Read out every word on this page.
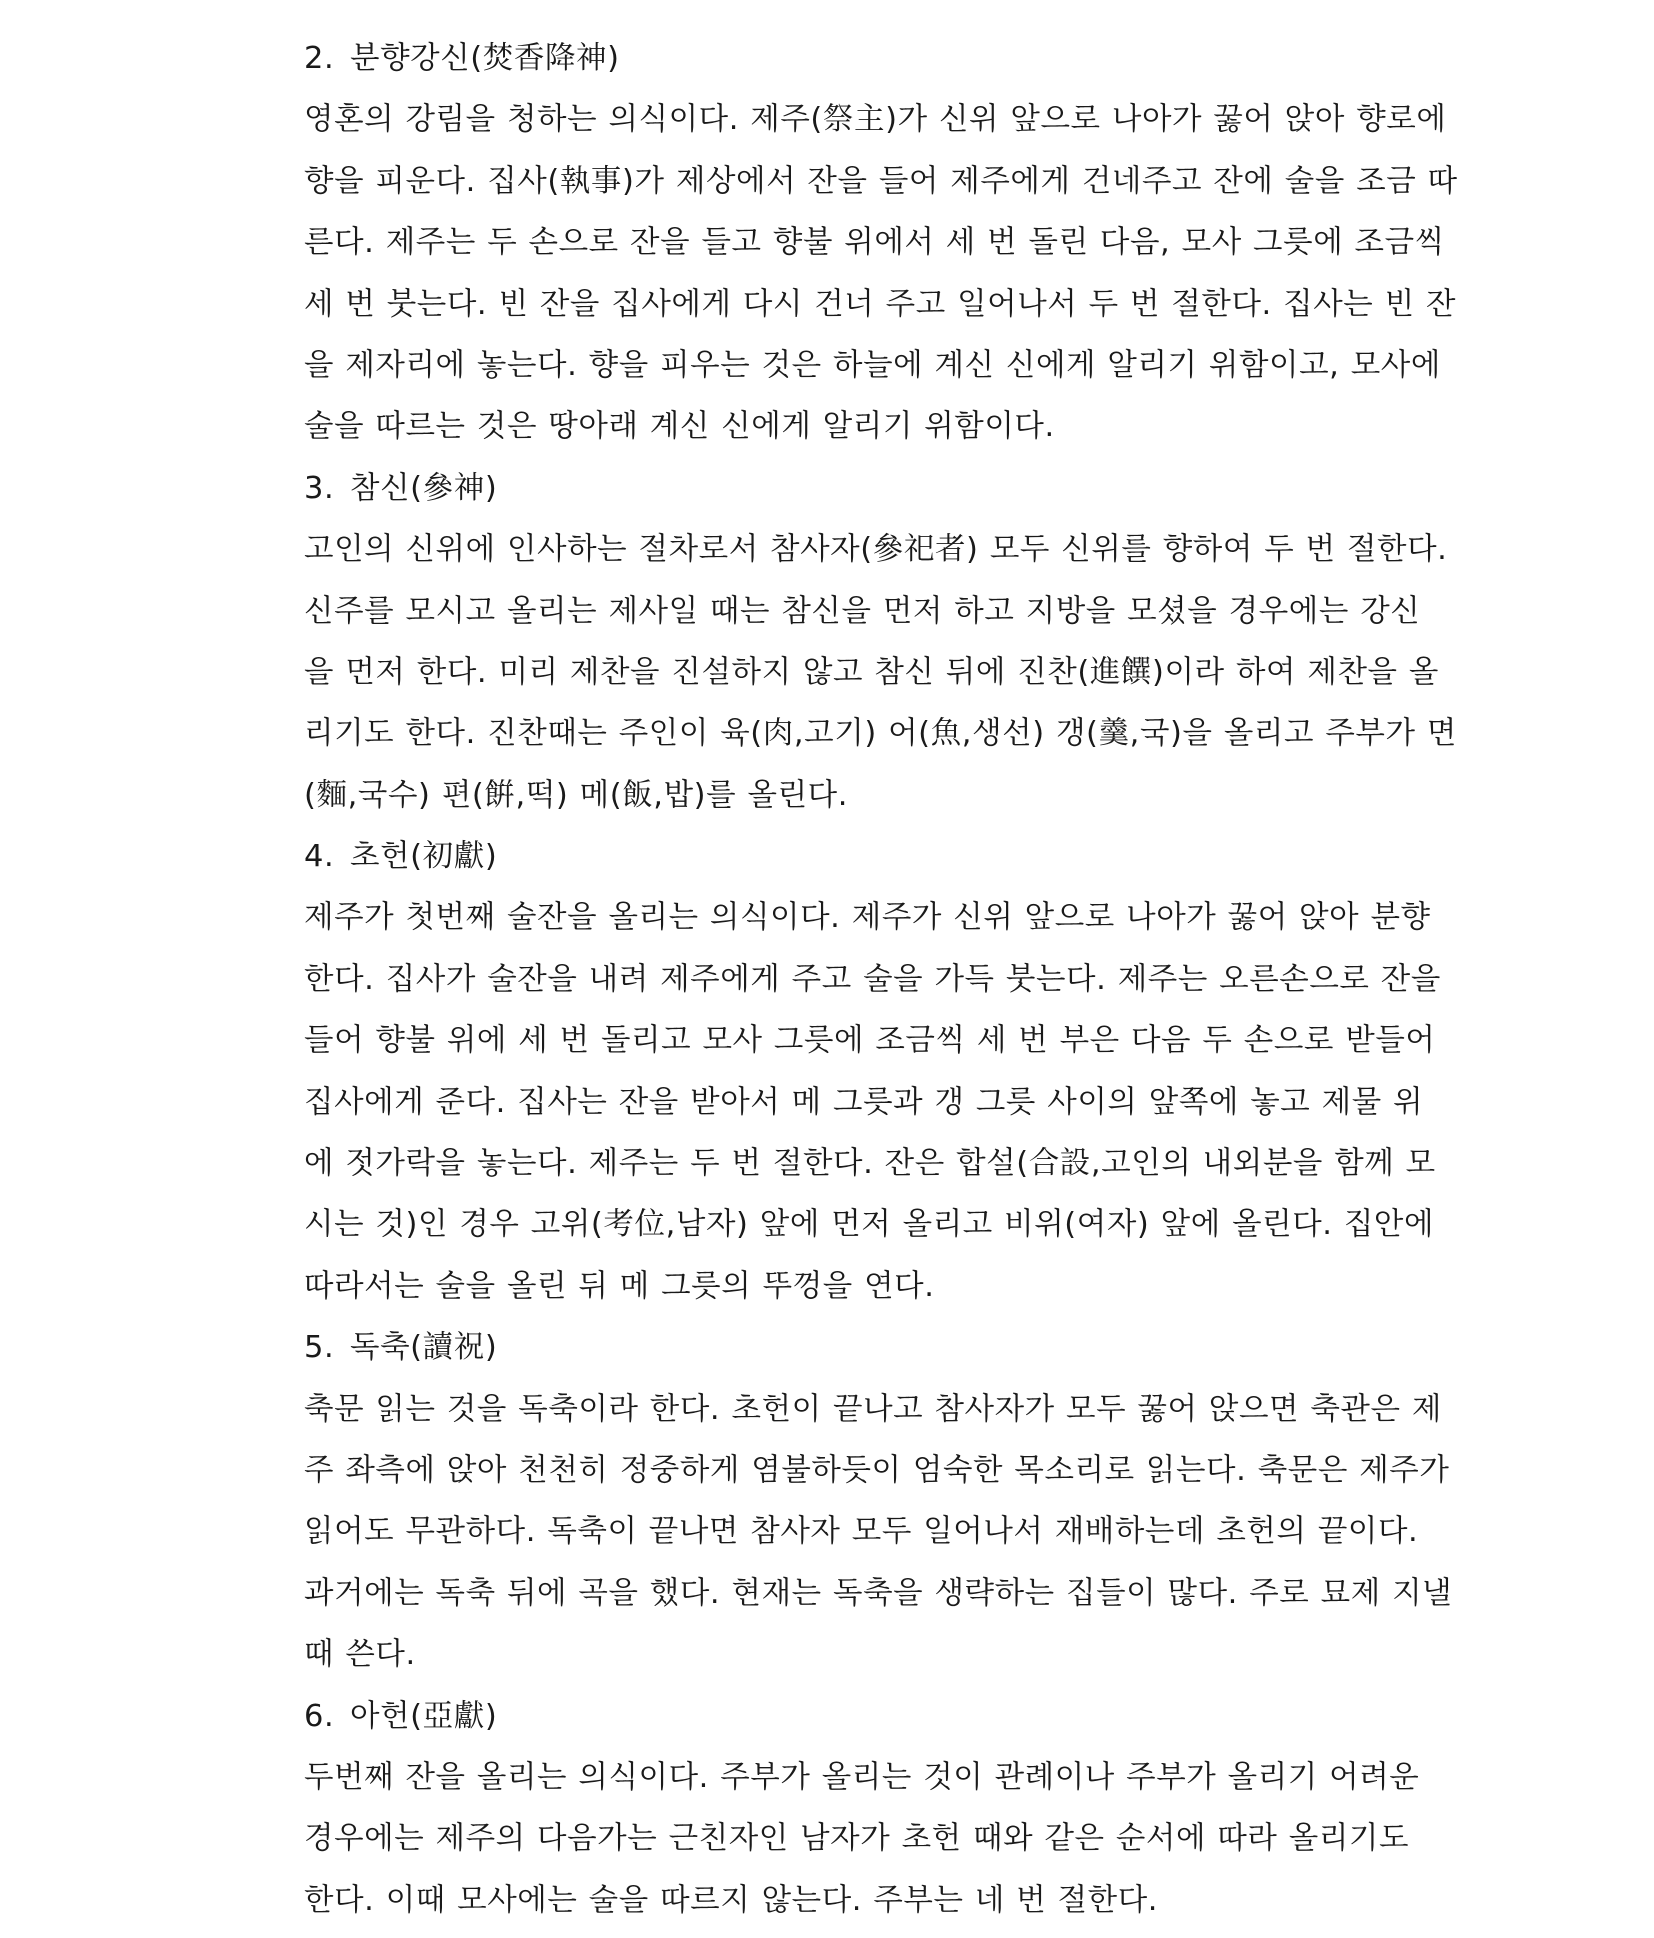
2. 분향강신(焚香降神)
영혼의 강림을 청하는 의식이다. 제주(祭主)가 신위 앞으로 나아가 꿇어 앉아 향로에
향을 피운다. 집사(執事)가 제상에서 잔을 들어 제주에게 건네주고 잔에 술을 조금 따
른다. 제주는 두 손으로 잔을 들고 향불 위에서 세 번 돌린 다음, 모사 그릇에 조금씩
세 번 붓는다. 빈 잔을 집사에게 다시 건너 주고 일어나서 두 번 절한다. 집사는 빈 잔
을 제자리에 놓는다. 향을 피우는 것은 하늘에 계신 신에게 알리기 위함이고, 모사에
술을 따르는 것은 땅아래 계신 신에게 알리기 위함이다.
3. 참신(參神)
고인의 신위에 인사하는 절차로서 참사자(參祀者) 모두 신위를 향하여 두 번 절한다.
신주를 모시고 올리는 제사일 때는 참신을 먼저 하고 지방을 모셨을 경우에는 강신
을 먼저 한다. 미리 제찬을 진설하지 않고 참신 뒤에 진찬(進饌)이라 하여 제찬을 올
리기도 한다. 진찬때는 주인이 육(肉,고기) 어(魚,생선) 갱(羹,국)을 올리고 주부가 면
(麵,국수) 편(餠,떡) 메(飯,밥)를 올린다.
4. 초헌(初獻)
제주가 첫번째 술잔을 올리는 의식이다. 제주가 신위 앞으로 나아가 꿇어 앉아 분향
한다. 집사가 술잔을 내려 제주에게 주고 술을 가득 붓는다. 제주는 오른손으로 잔을
들어 향불 위에 세 번 돌리고 모사 그릇에 조금씩 세 번 부은 다음 두 손으로 받들어
집사에게 준다. 집사는 잔을 받아서 메 그릇과 갱 그릇 사이의 앞쪽에 놓고 제물 위
에 젓가락을 놓는다. 제주는 두 번 절한다. 잔은 합설(合設,고인의 내외분을 함께 모
시는 것)인 경우 고위(考位,남자) 앞에 먼저 올리고 비위(여자) 앞에 올린다. 집안에
따라서는 술을 올린 뒤 메 그릇의 뚜껑을 연다.
5. 독축(讀祝)
축문 읽는 것을 독축이라 한다. 초헌이 끝나고 참사자가 모두 꿇어 앉으면 축관은 제
주 좌측에 앉아 천천히 정중하게 염불하듯이 엄숙한 목소리로 읽는다. 축문은 제주가
읽어도 무관하다. 독축이 끝나면 참사자 모두 일어나서 재배하는데 초헌의 끝이다.
과거에는 독축 뒤에 곡을 했다. 현재는 독축을 생략하는 집들이 많다. 주로 묘제 지낼
때 쓴다.
6. 아헌(亞獻)
두번째 잔을 올리는 의식이다. 주부가 올리는 것이 관례이나 주부가 올리기 어려운
경우에는 제주의 다음가는 근친자인 남자가 초헌 때와 같은 순서에 따라 올리기도
한다. 이때 모사에는 술을 따르지 않는다. 주부는 네 번 절한다.
